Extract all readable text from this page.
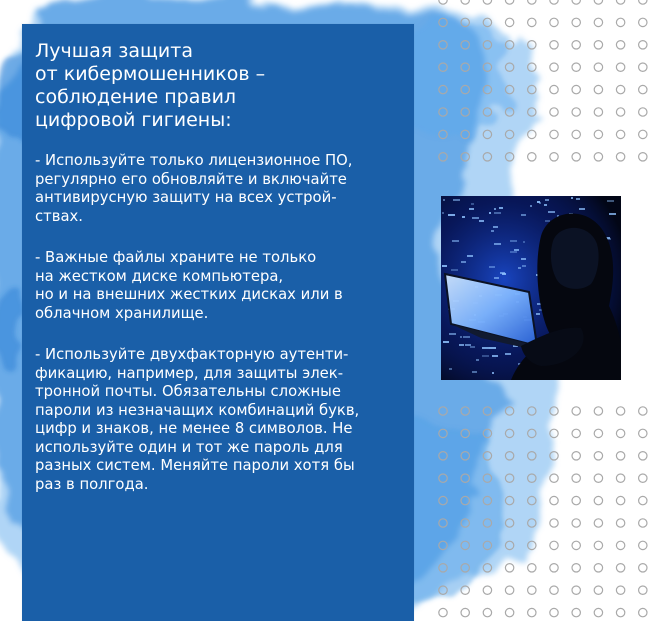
Лучшая защита
от кибермошенников –
соблюдение правил
цифровой гигиены:
- Используйте только лицензионное ПО,
регулярно его обновляйте и включайте
антивирусную защиту на всех устрой-
ствах.
- Важные файлы храните не только
на жестком диске компьютера,
но и на внешних жестких дисках или в
облачном хранилище.
- Используйте двухфакторную аутенти-
фикацию, например, для защиты элек-
тронной почты. Обязательны сложные
пароли из незначащих комбинаций букв,
цифр и знаков, не менее 8 символов. Не
используйте один и тот же пароль для
разных систем. Меняйте пароли хотя бы
раз в полгода.
